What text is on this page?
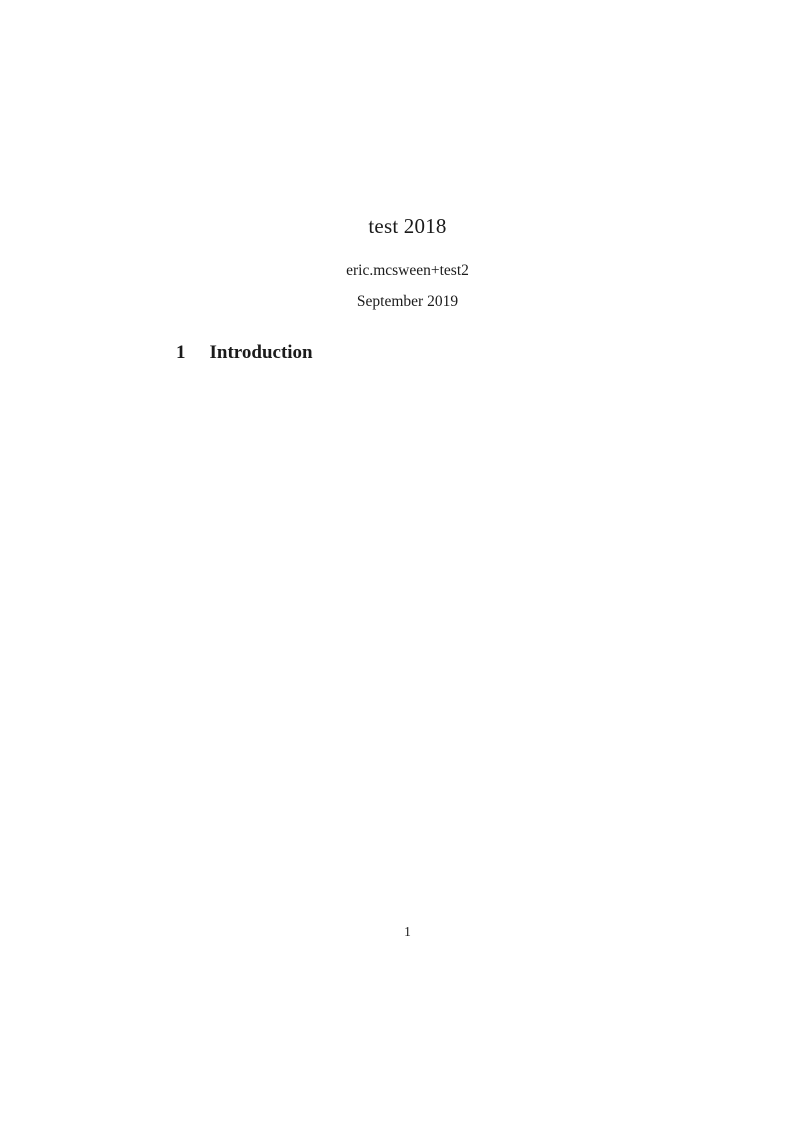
test 2018
eric.mcsween+test2
September 2019
1 Introduction
1
